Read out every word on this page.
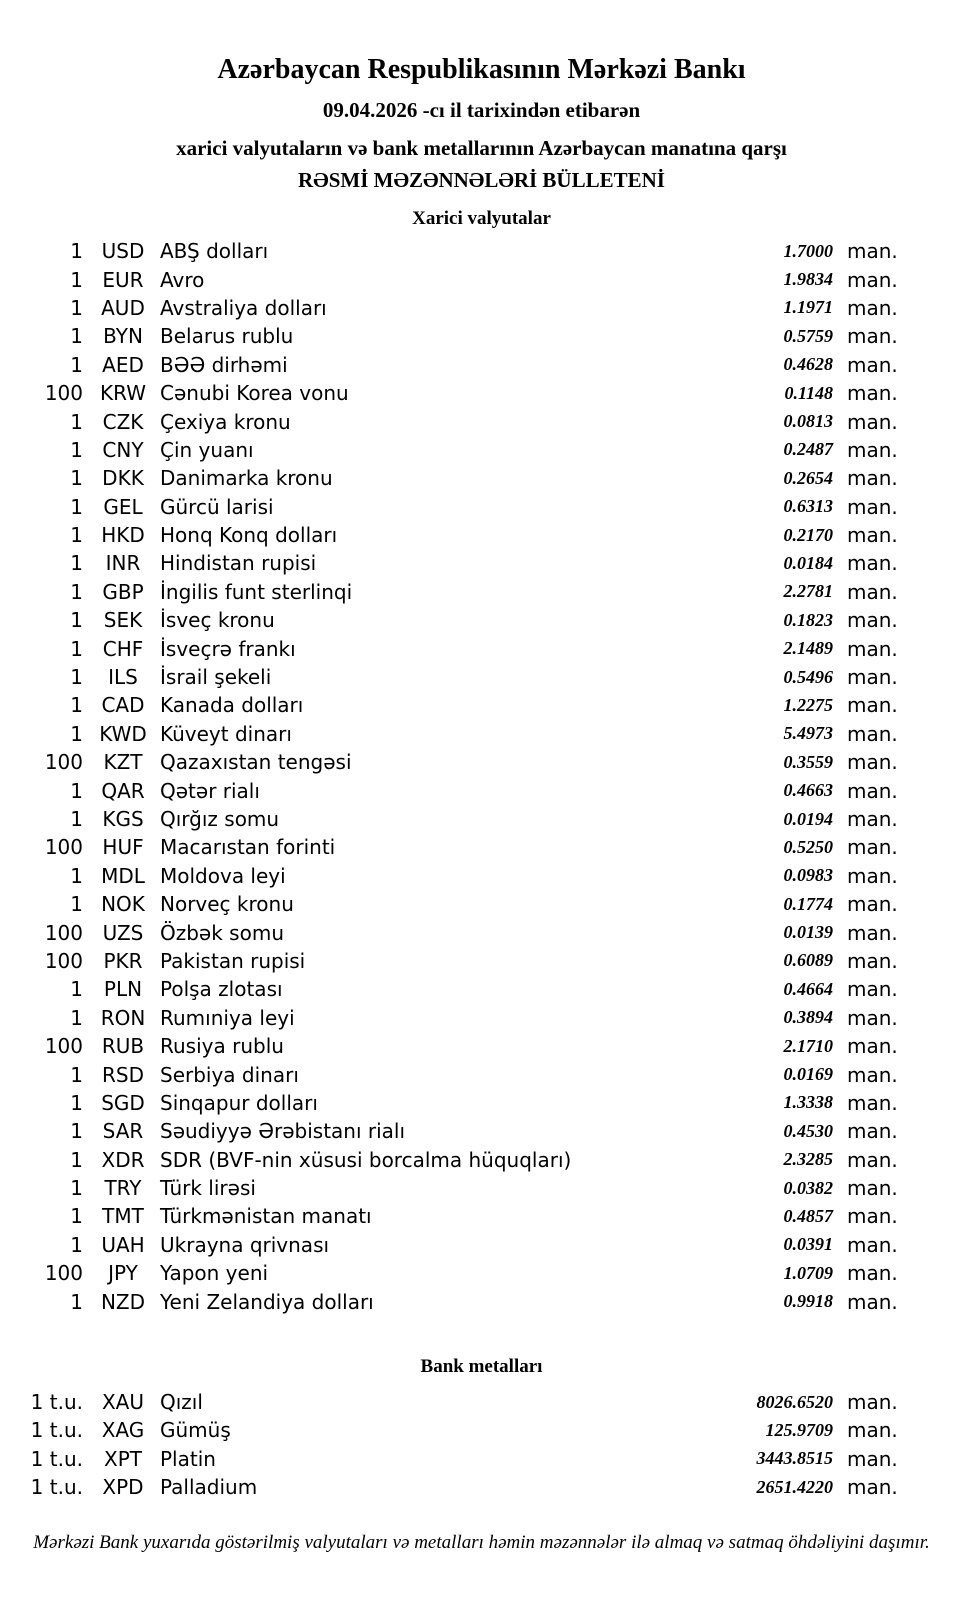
Azərbaycan Respublikasının Mərkəzi Bankı
09.04.2026 -cı il tarixindən etibarən
xarici valyutaların və bank metallarının Azərbaycan manatına qarşı
RƏSMİ MƏZƏNNƏLƏRİ BÜLLETENİ
Xarici valyutalar
1 USD ABŞ dolları	1.7000 man.
1 EUR Avro	1.9834 man.
1 AUD Avstraliya dolları	1.1971 man.
1	BYN Belarus rublu	0.5759 man.
1 AED BƏƏ dirhəmi	0.4628 man.
100 KRW Cənubi Korea vonu	0.1148 man.
1 CZK Çexiya kronu	0.0813 man.
1 CNY Çin yuanı	0.2487 man.
1 DKK Danimarka kronu	0.2654 man.
1	GEL Gürcü larisi	0.6313 man.
1 HKD Honq Konq dolları	0.2170 man.
1	INR Hindistan rupisi	0.0184 man.
1 GBP İngilis funt sterlinqi	2.2781 man.
1	SEK İsveç kronu	0.1823 man.
1 CHF İsveçrə frankı	2.1489 man.
1	ILS	İsrail şekeli	0.5496 man.
1 CAD Kanada dolları	1.2275 man.
1 KWD Küveyt dinarı	5.4973 man.
100	KZT Qazaxıstan tengəsi	0.3559 man.
1 QAR Qətər rialı	0.4663 man.
1 KGS Qırğız somu	0.0194 man.
100 HUF Macarıstan forinti	0.5250 man.
1 MDL Moldova leyi	0.0983 man.
1 NOK Norveç kronu	0.1774 man.
100 UZS Özbək somu	0.0139 man.
100	PKR Pakistan rupisi	0.6089 man.
1	PLN Polşa zlotası	0.4664 man.
1 RON Rumıniya leyi	0.3894 man.
100 RUB Rusiya rublu	2.1710 man.
1 RSD Serbiya dinarı	0.0169 man.
1 SGD Sinqapur dolları	1.3338 man.
1 SAR Səudiyyə Ərəbistanı rialı	0.4530 man.
1 XDR SDR (BVF-nin xüsusi borcalma hüquqları)	2.3285 man.
1	TRY Türk lirəsi	0.0382 man.
1 TMT Türkmənistan manatı	0.4857 man.
1 UAH Ukrayna qrivnası	0.0391 man.
100	JPY	Yapon yeni	1.0709 man.
1 NZD Yeni Zelandiya dolları	0.9918 man.
Bank metalları
1 t.u. XAU Qızıl	8026.6520 man.
1 t.u. XAG Gümüş	125.9709 man.
1 t.u.	XPT Platin	3443.8515 man.
1 t.u. XPD Palladium	2651.4220 man.
Mərkəzi Bank yuxarıda göstərilmiş valyutaları və metalları həmin məzənnələr ilə almaq və satmaq öhdəliyini daşımır.
